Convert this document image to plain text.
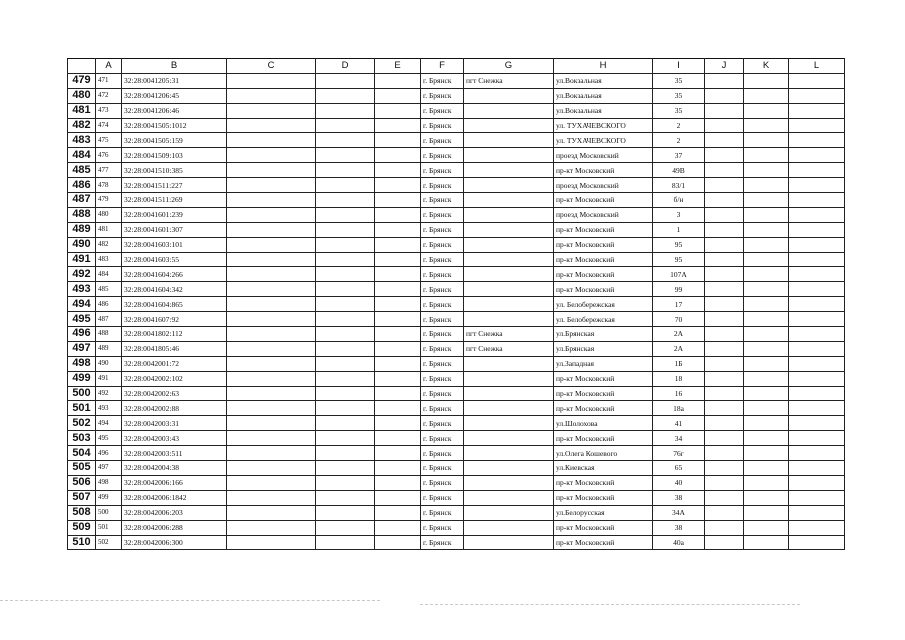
	A	B	C	D	E	F	G	H	I	J	K	L
479	471	32:28:0041205:31				г. Брянск	пгт Снежка	ул.Вокзальная	35			
480	472	32:28:0041206:45				г. Брянск		ул.Вокзальная	35			
481	473	32:28:0041206:46				г. Брянск		ул.Вокзальная	35			
482	474	32:28:0041505:1012				г. Брянск		ул. ТУХАЧЕВСКОГО	2			
483	475	32:28:0041505:159				г. Брянск		ул. ТУХАЧЕВСКОГО	2			
484	476	32:28:0041509:103				г. Брянск		проезд Московский	37			
485	477	32:28:0041510:385				г. Брянск		пр-кт Московский	49В			
486	478	32:28:0041511:227				г. Брянск		проезд Московский	83/1			
487	479	32:28:0041511:269				г. Брянск		пр-кт Московский	б/н			
488	480	32:28:0041601:239				г. Брянск		проезд Московский	3			
489	481	32:28:0041601:307				г. Брянск		пр-кт Московский	1			
490	482	32:28:0041603:101				г. Брянск		пр-кт Московский	95			
491	483	32:28:0041603:55				г. Брянск		пр-кт Московский	95			
492	484	32:28:0041604:266				г. Брянск		пр-кт Московский	107А			
493	485	32:28:0041604:342				г. Брянск		пр-кт Московский	99			
494	486	32:28:0041604:865				г. Брянск		ул. Белобережская	17			
495	487	32:28:0041607:92				г. Брянск		ул. Белобережская	70			
496	488	32:28:0041802:112				г. Брянск	пгт Снежка	ул.Брянская	2А			
497	489	32:28:0041805:46				г. Брянск	пгт Снежка	ул.Брянская	2А			
498	490	32:28:0042001:72				г. Брянск		ул.Западная	1Б			
499	491	32:28:0042002:102				г. Брянск		пр-кт Московский	18			
500	492	32:28:0042002:63				г. Брянск		пр-кт Московский	16			
501	493	32:28:0042002:88				г. Брянск		пр-кт Московский	18а			
502	494	32:28:0042003:31				г. Брянск		ул.Шолохова	41			
503	495	32:28:0042003:43				г. Брянск		пр-кт Московский	34			
504	496	32:28:0042003:511				г. Брянск		ул.Олега Кошевого	76г			
505	497	32:28:0042004:38				г. Брянск		ул.Киевская	65			
506	498	32:28:0042006:166				г. Брянск		пр-кт Московский	40			
507	499	32:28:0042006:1842				г. Брянск		пр-кт Московский	38			
508	500	32:28:0042006:203				г. Брянск		ул.Белорусская	34А			
509	501	32:28:0042006:288				г. Брянск		пр-кт Московский	38			
510	502	32:28:0042006:300				г. Брянск		пр-кт Московский	40а			
